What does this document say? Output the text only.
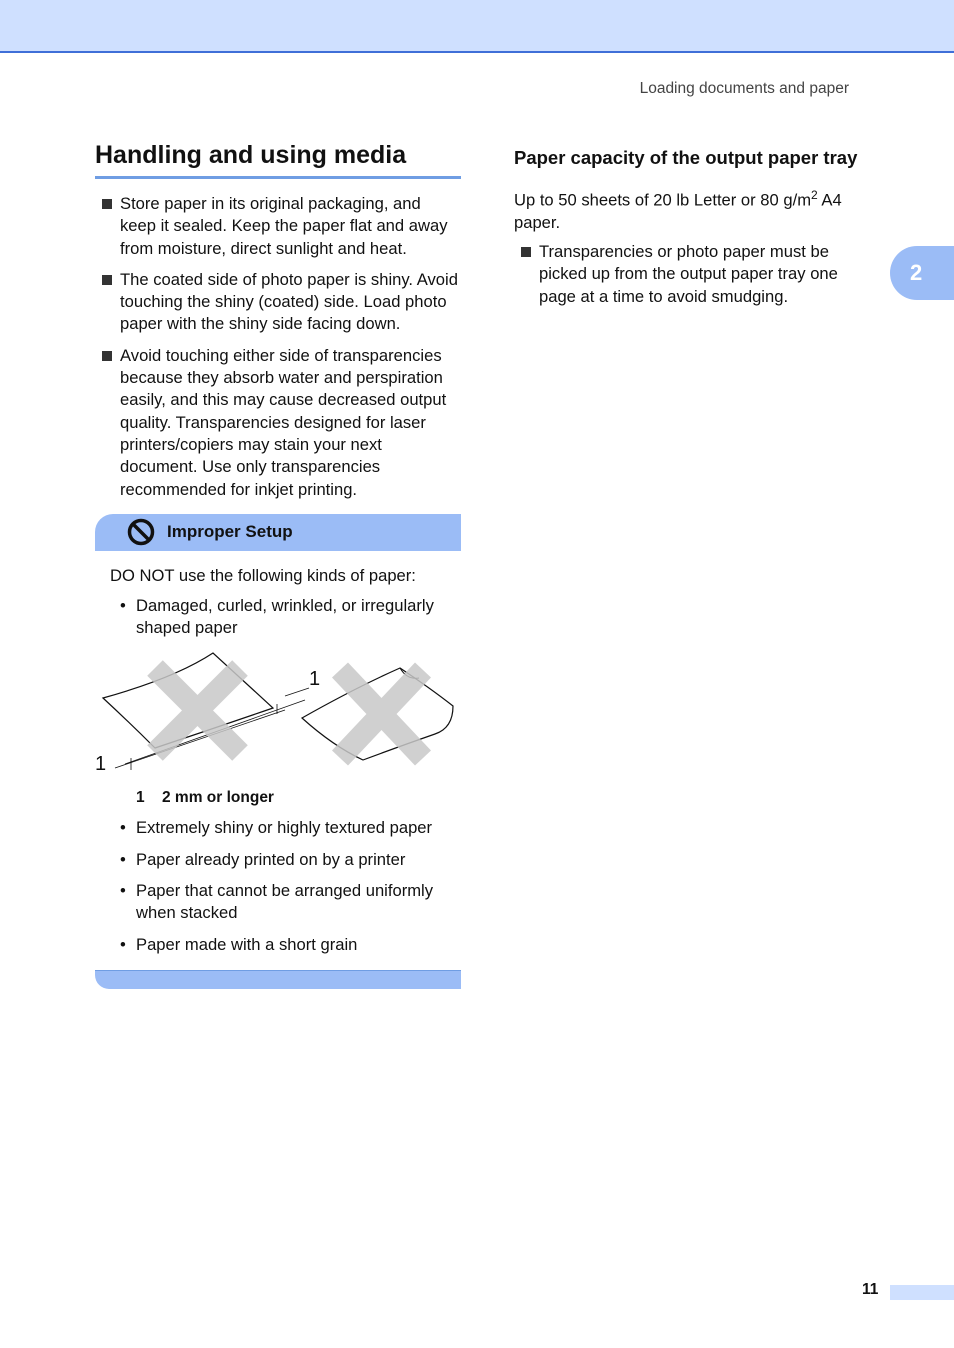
Loading documents and paper
2
Handling and using media
Store paper in its original packaging, and keep it sealed. Keep the paper flat and away from moisture, direct sunlight and heat.
The coated side of photo paper is shiny. Avoid touching the shiny (coated) side. Load photo paper with the shiny side facing down.
Avoid touching either side of transparencies because they absorb water and perspiration easily, and this may cause decreased output quality. Transparencies designed for laser printers/copiers may stain your next document. Use only transparencies recommended for inkjet printing.
Improper Setup
DO NOT use the following kinds of paper:
• Damaged, curled, wrinkled, or irregularly shaped paper
1
1
1 2 mm or longer
• Extremely shiny or highly textured paper
• Paper already printed on by a printer
• Paper that cannot be arranged uniformly when stacked
• Paper made with a short grain
Paper capacity of the output paper tray

Up to 50 sheets of 20 lb Letter or 80 $g/m^2$ A4 paper.

Transparencies or photo paper must be picked up from the output paper tray one page at a time to avoid smudging.
11
